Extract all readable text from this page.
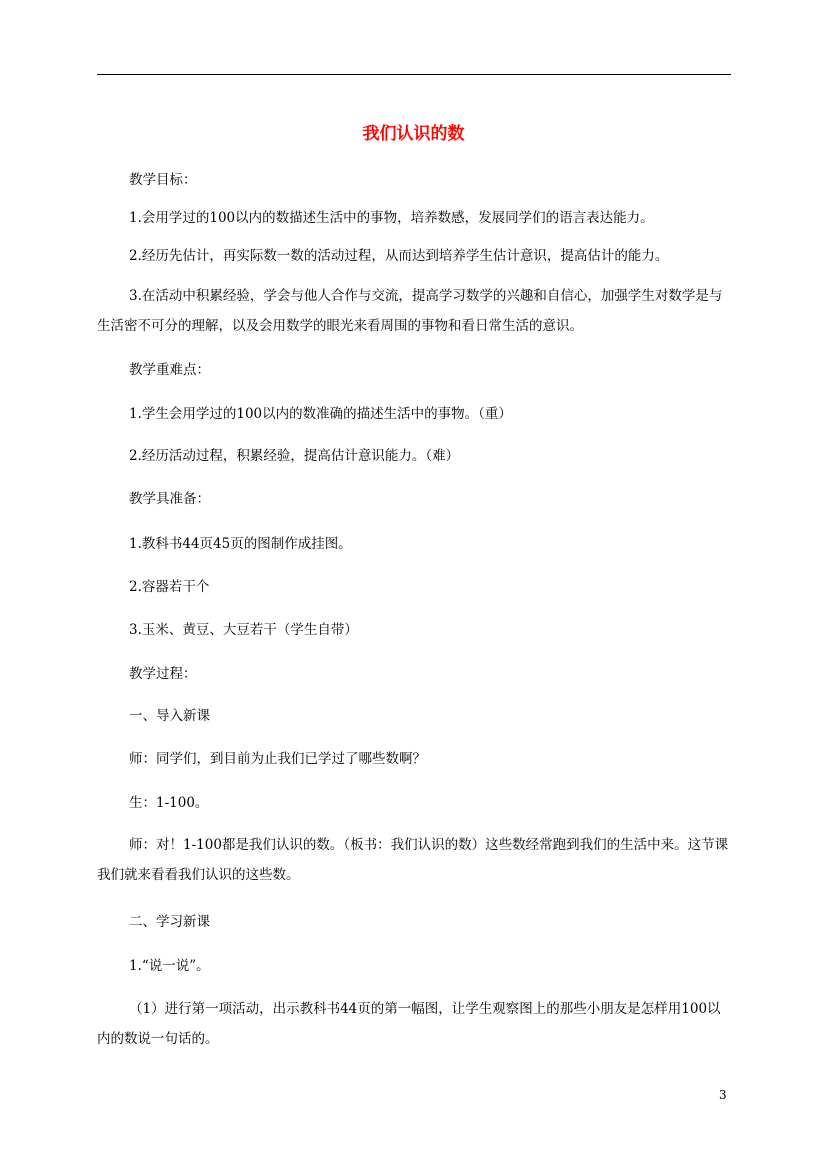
我们认识的数
教学目标：
1.会用学过的100以内的数描述生活中的事物，培养数感，发展同学们的语言表达能力。
2.经历先估计，再实际数一数的活动过程，从而达到培养学生估计意识，提高估计的能力。
3.在活动中积累经验，学会与他人合作与交流，提高学习数学的兴趣和自信心，加强学生对数学是与生活密不可分的理解，以及会用数学的眼光来看周围的事物和看日常生活的意识。
教学重难点：
1.学生会用学过的100以内的数准确的描述生活中的事物。（重）
2.经历活动过程，积累经验，提高估计意识能力。（难）
教学具准备：
1.教科书44页45页的图制作成挂图。
2.容器若干个
3.玉米、黄豆、大豆若干（学生自带）
教学过程：
一、导入新课
师：同学们，到目前为止我们已学过了哪些数啊？
生：1-100。
师：对！1-100都是我们认识的数。（板书：我们认识的数）这些数经常跑到我们的生活中来。这节课我们就来看看我们认识的这些数。
二、学习新课
1.“说一说”。
（1）进行第一项活动，出示教科书44页的第一幅图，让学生观察图上的那些小朋友是怎样用100以内的数说一句话的。
3
